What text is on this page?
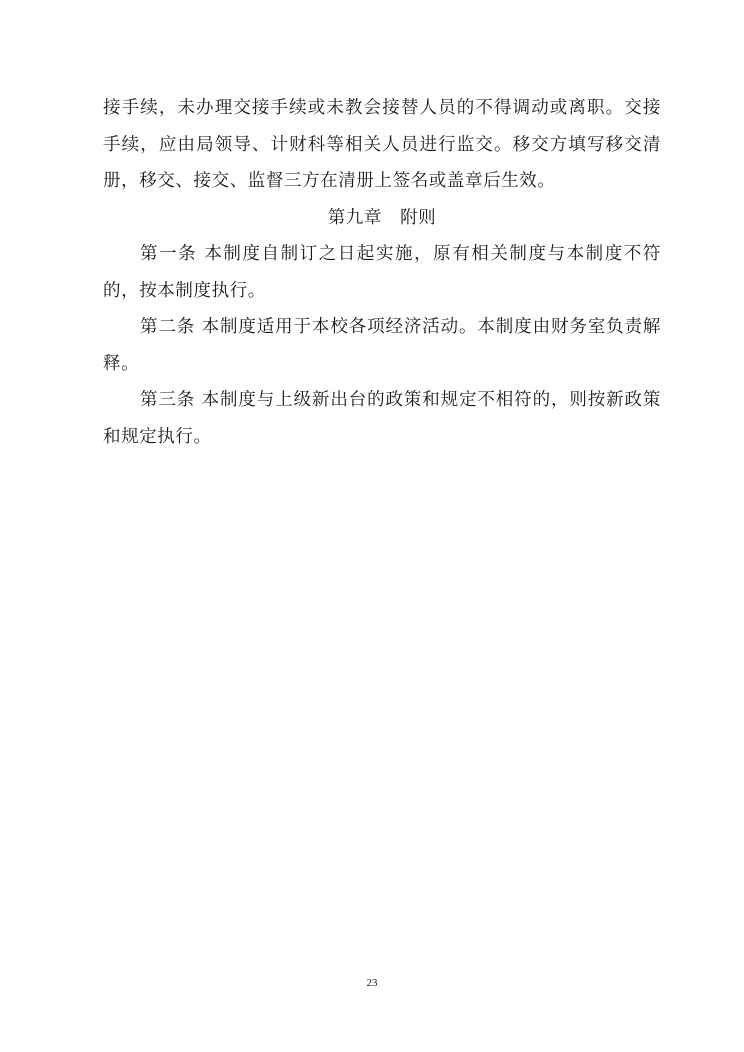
接手续，未办理交接手续或未教会接替人员的不得调动或离职。交接手续，应由局领导、计财科等相关人员进行监交。移交方填写移交清册，移交、接交、监督三方在清册上签名或盖章后生效。

第九章　附则

第一条 本制度自制订之日起实施，原有相关制度与本制度不符的，按本制度执行。

第二条 本制度适用于本校各项经济活动。本制度由财务室负责解释。

第三条 本制度与上级新出台的政策和规定不相符的，则按新政策和规定执行。

23
